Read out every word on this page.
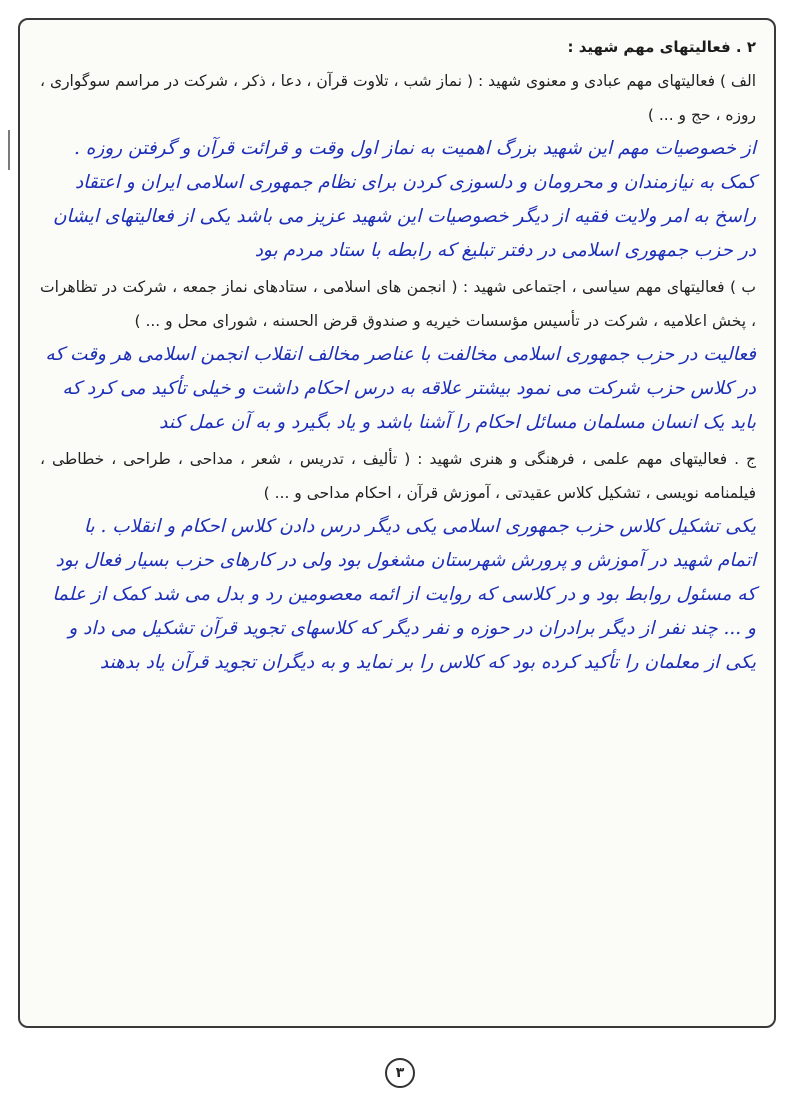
۲ . فعالیتهای مهم شهید :
الف ) فعالیتهای مهم عبادی و معنوی شهید : ( نماز شب ، تلاوت قرآن ، دعا ، ذکر ، شرکت در مراسم سوگواری ، روزه ، حج و ... )
از خصوصیات مهم این شهید بزرگ اهمیت به نماز اول وقت و قرائت قرآن و گرفتن روزه . کمک به نیازمندان و محرومان و دلسوزی کردن برای نظام جمهوری اسلامی ایران و اعتقاد راسخ به امر ولایت فقیه از دیگر خصوصیات این شهید عزیز می باشد یکی از فعالیتهای ایشان در حزب جمهوری اسلامی در دفتر تبلیغ که رابطه با ستاد مردم بود
ب ) فعالیتهای مهم سیاسی ، اجتماعی شهید : ( انجمن های اسلامی ، ستادهای نماز جمعه ، شرکت در تظاهرات ، پخش اعلامیه ، شرکت در تأسیس مؤسسات خیریه و صندوق قرض الحسنه ، شورای محل و ... )
فعالیت در حزب جمهوری اسلامی مخالفت با عناصر مخالف انقلاب انجمن اسلامی هر وقت که در کلاس حزب شرکت می نمود بیشتر علاقه به درس احکام داشت و خیلی تأکید می کرد که باید یک انسان مسلمان مسائل احکام را آشنا باشد و یاد بگیرد و به آن عمل کند
ج . فعالیتهای مهم علمی ، فرهنگی و هنری شهید : ( تألیف ، تدریس ، شعر ، مداحی ، طراحی ، خطاطی ، فیلمنامه نویسی ، تشکیل کلاس عقیدتی ، آموزش قرآن ، احکام مداحی و ... )
یکی تشکیل کلاس حزب جمهوری اسلامی یکی دیگر درس دادن کلاس احکام و انقلاب . با اتمام شهید در آموزش و پرورش شهرستان مشغول بود ولی در کارهای حزب بسیار فعال بود که مسئول روابط بود و در کلاسی که روایت از ائمه معصومین رد و بدل می شد کمک از علما و ... چند نفر از دیگر برادران در حوزه و نفر دیگر که کلاسهای تجوید قرآن تشکیل می داد و یکی از معلمان را تأکید کرده بود که کلاس را بر نماید و به دیگران تجوید قرآن یاد بدهند
۳
